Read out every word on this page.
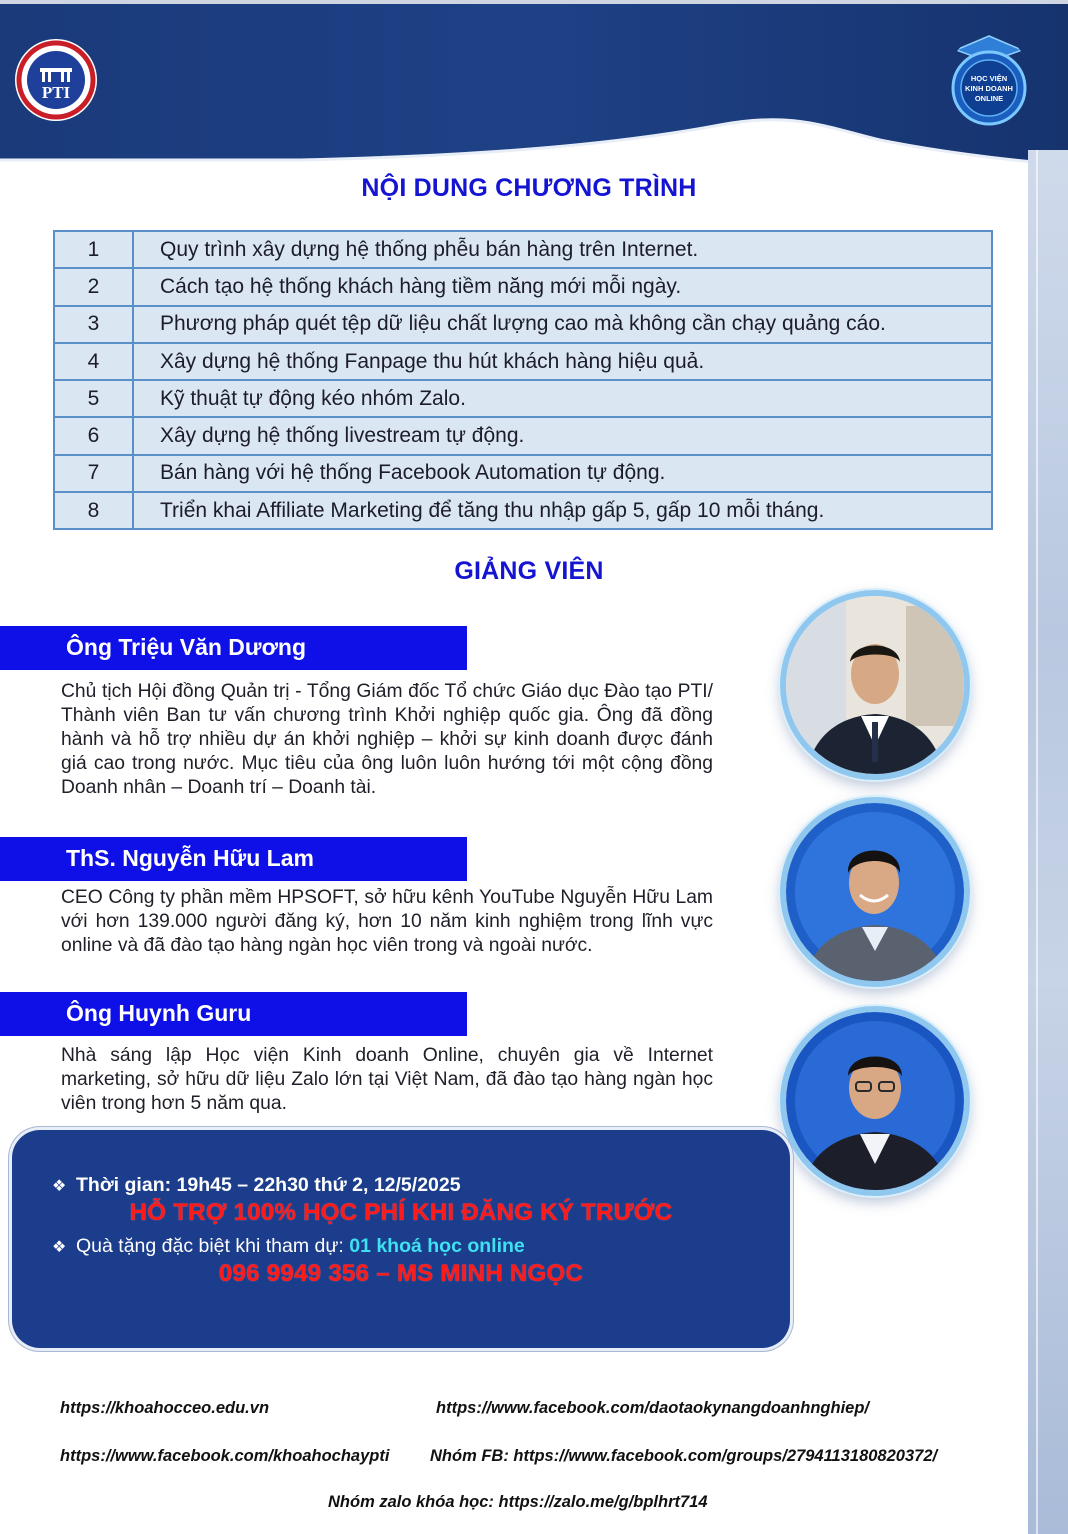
PTI
HỌC VIỆN
KINH DOANH
ONLINE
NỘI DUNG CHƯƠNG TRÌNH
1	Quy trình xây dựng hệ thống phễu bán hàng trên Internet.
2	Cách tạo hệ thống khách hàng tiềm năng mới mỗi ngày.
3	Phương pháp quét tệp dữ liệu chất lượng cao mà không cần chạy quảng cáo.
4	Xây dựng hệ thống Fanpage thu hút khách hàng hiệu quả.
5	Kỹ thuật tự động kéo nhóm Zalo.
6	Xây dựng hệ thống livestream tự động.
7	Bán hàng với hệ thống Facebook Automation tự động.
8	Triển khai Affiliate Marketing để tăng thu nhập gấp 5, gấp 10 mỗi tháng.
GIẢNG VIÊN
Ông Triệu Văn Dương
Chủ tịch Hội đồng Quản trị - Tổng Giám đốc Tổ chức Giáo dục Đào tạo PTI/ Thành viên Ban tư vấn chương trình Khởi nghiệp quốc gia. Ông đã đồng hành và hỗ trợ nhiều dự án khởi nghiệp – khởi sự kinh doanh được đánh giá cao trong nước. Mục tiêu của ông luôn luôn hướng tới một cộng đồng Doanh nhân – Doanh trí – Doanh tài.
ThS. Nguyễn Hữu Lam
CEO Công ty phần mềm HPSOFT, sở hữu kênh YouTube Nguyễn Hữu Lam với hơn 139.000 người đăng ký, hơn 10 năm kinh nghiệm trong lĩnh vực online và đã đào tạo hàng ngàn học viên trong và ngoài nước.
Ông Huynh Guru
Nhà sáng lập Học viện Kinh doanh Online, chuyên gia về Internet marketing, sở hữu dữ liệu Zalo lớn tại Việt Nam, đã đào tạo hàng ngàn học viên trong hơn 5 năm qua.
❖ Thời gian: 19h45 – 22h30 thứ 2, 12/5/2025
HỖ TRỢ 100% HỌC PHÍ KHI ĐĂNG KÝ TRƯỚC
❖ Quà tặng đặc biệt khi tham dự: 01 khoá học online
096 9949 356 – MS MINH NGỌC
https://khoahocceo.edu.vn	https://www.facebook.com/daotaokynangdoanhnghiep/
https://www.facebook.com/khoahochaypti Nhóm FB: https://www.facebook.com/groups/2794113180820372/
Nhóm zalo khóa học: https://zalo.me/g/bplhrt714
